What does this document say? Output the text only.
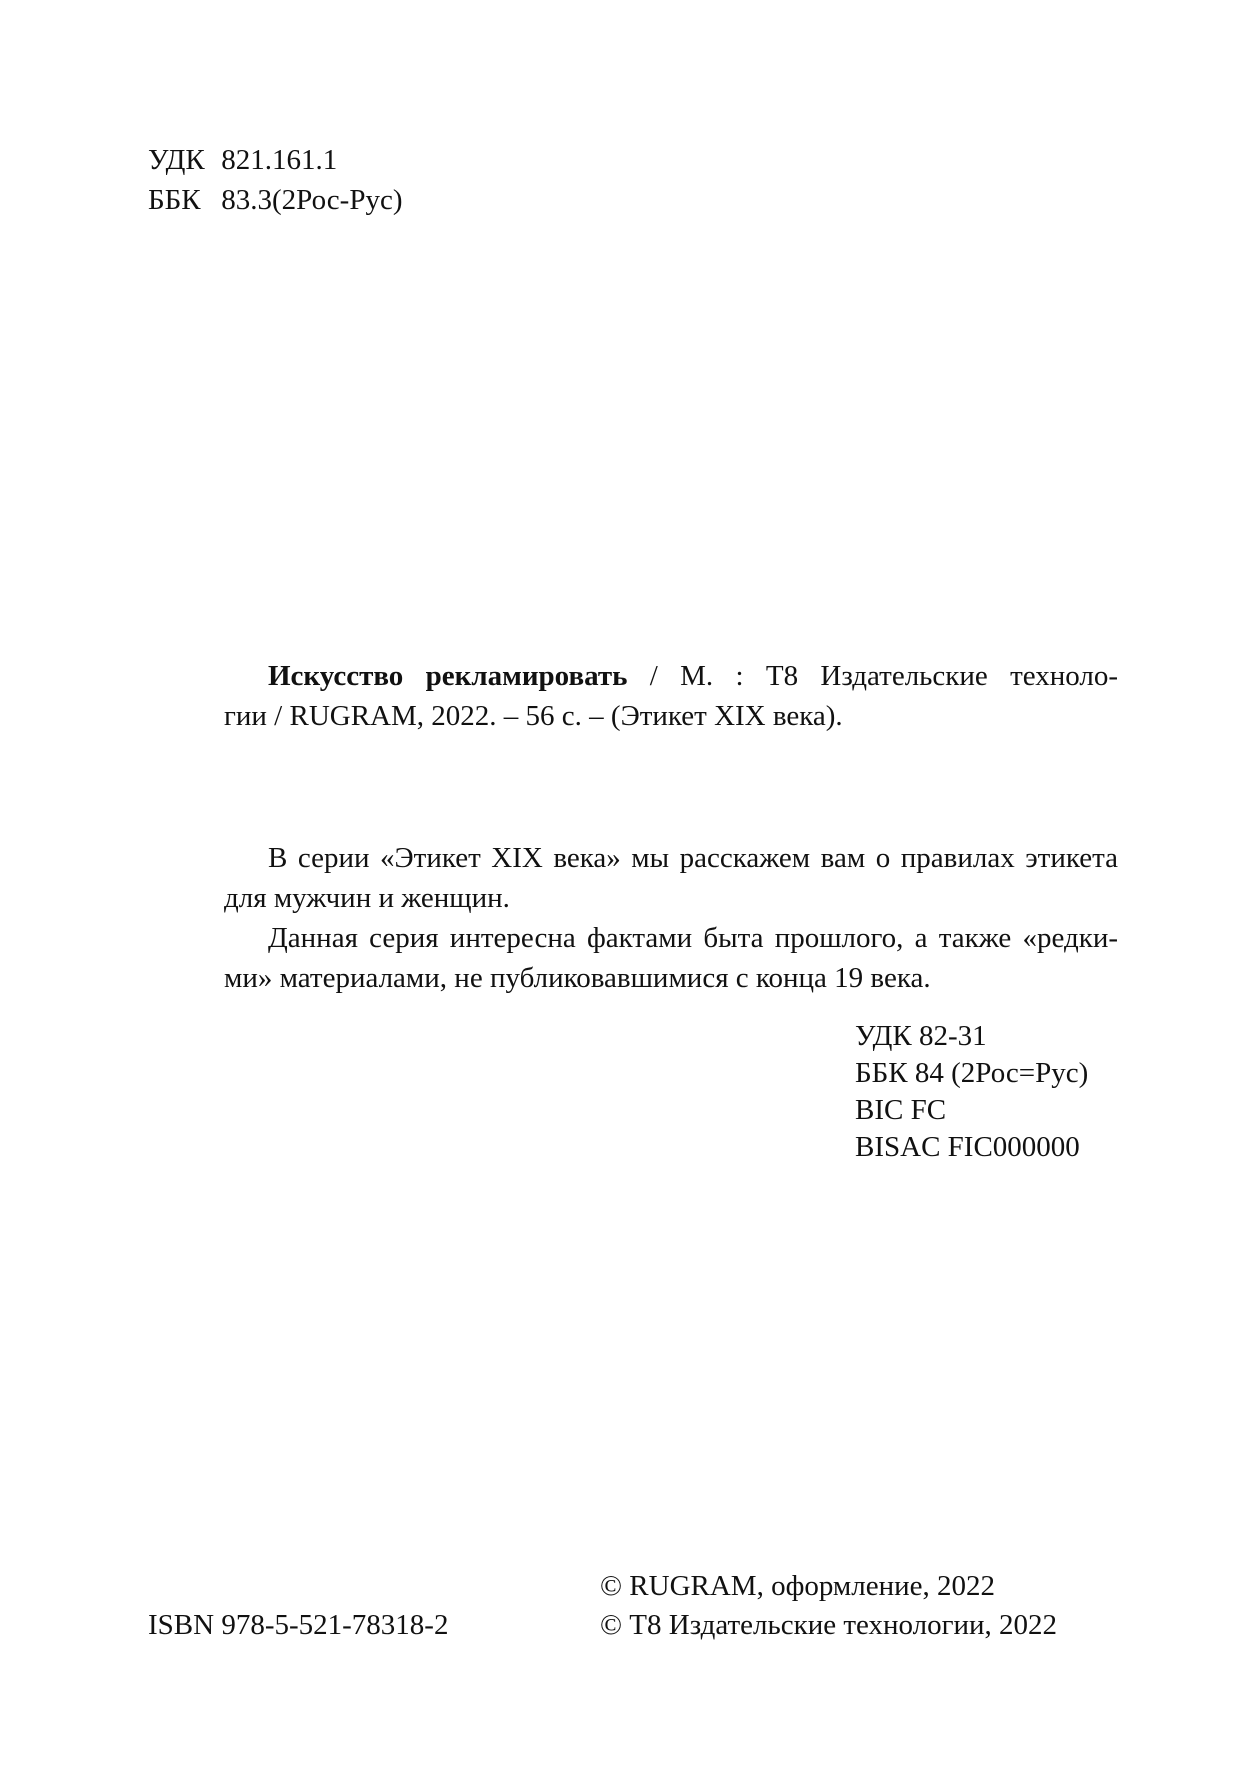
УДК 821.161.1
ББК 83.3(2Рос-Рус)
Искусство рекламировать / М. : Т8 Издательские техноло-
гии / RUGRAM, 2022. – 56 с. – (Этикет XIX века).
В серии «Этикет XIX века» мы расскажем вам о правилах этикета
для мужчин и женщин.
Данная серия интересна фактами быта прошлого, а также «редки-
ми» материалами, не публиковавшимися с конца 19 века.
УДК 82-31
ББК 84 (2Рос=Рус)
BIC FC
BISAC FIC000000
ISBN 978-5-521-78318-2
© RUGRAM, оформление, 2022
© Т8 Издательские технологии, 2022
